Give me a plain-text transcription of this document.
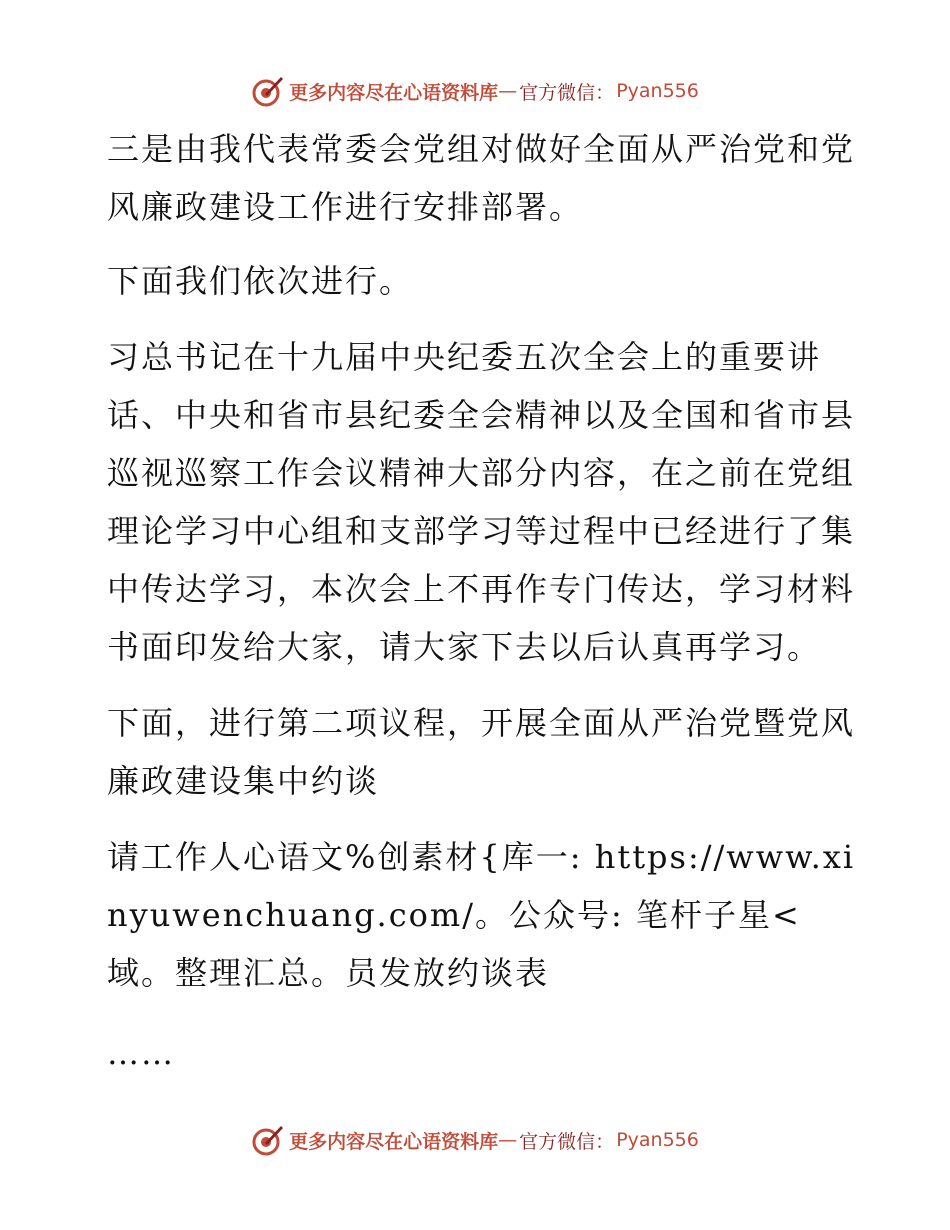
更多内容尽在心语资料库 — 官方微信： Pyan556

三是由我代表常委会党组对做好全面从严治党和党风廉政建设工作进行安排部署。

下面我们依次进行。

习总书记在十九届中央纪委五次全会上的重要讲话、中央和省市县纪委全会精神以及全国和省市县巡视巡察工作会议精神大部分内容，在之前在党组理论学习中心组和支部学习等过程中已经进行了集中传达学习，本次会上不再作专门传达，学习材料书面印发给大家，请大家下去以后认真再学习。

下面，进行第二项议程，开展全面从严治党暨党风廉政建设集中约谈

请工作人心语文%创素材{库一: https://www.xinyuwenchuang.com/。公众号: 笔杆子星<域。整理汇总。员发放约谈表

……

更多内容尽在心语资料库 — 官方微信： Pyan556
